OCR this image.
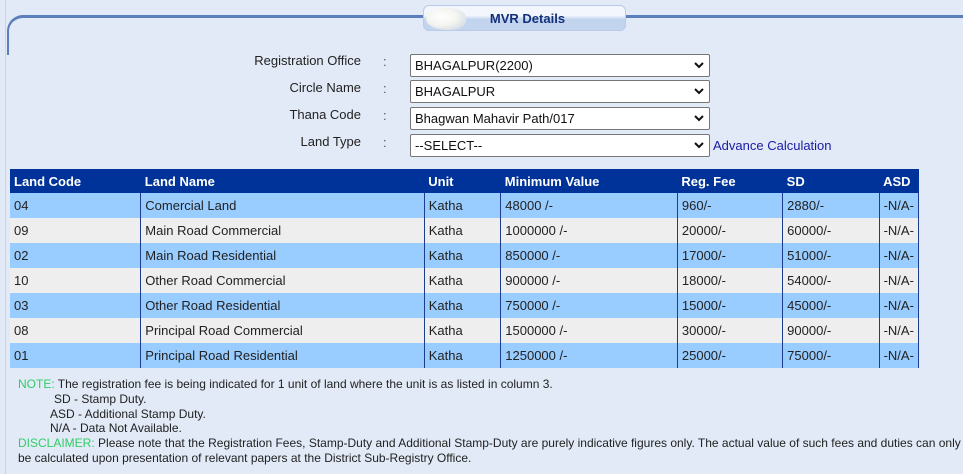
MVR Details
Registration Office : BHAGALPUR(2200)
Circle Name : BHAGALPUR
Thana Code : Bhagwan Mahavir Path/017
Land Type : --SELECT--	Advance Calculation
Land Code	Land Name	Unit	Minimum Value	Reg. Fee	SD	ASD
04	Comercial Land	Katha	48000 /-	960/-	2880/-	-N/A-
09	Main Road Commercial	Katha	1000000 /-	20000/-	60000/-	-N/A-
02	Main Road Residential	Katha	850000 /-	17000/-	51000/-	-N/A-
10	Other Road Commercial	Katha	900000 /-	18000/-	54000/-	-N/A-
03	Other Road Residential	Katha	750000 /-	15000/-	45000/-	-N/A-
08	Principal Road Commercial	Katha	1500000 /-	30000/-	90000/-	-N/A-
01	Principal Road Residential	Katha	1250000 /-	25000/-	75000/-	-N/A-
NOTE: The registration fee is being indicated for 1 unit of land where the unit is as listed in column 3.
SD - Stamp Duty.
ASD - Additional Stamp Duty.
N/A - Data Not Available.
DISCLAIMER: Please note that the Registration Fees, Stamp-Duty and Additional Stamp-Duty are purely indicative figures only. The actual value of such fees and duties can only be calculated upon presentation of relevant papers at the District Sub-Registry Office.
